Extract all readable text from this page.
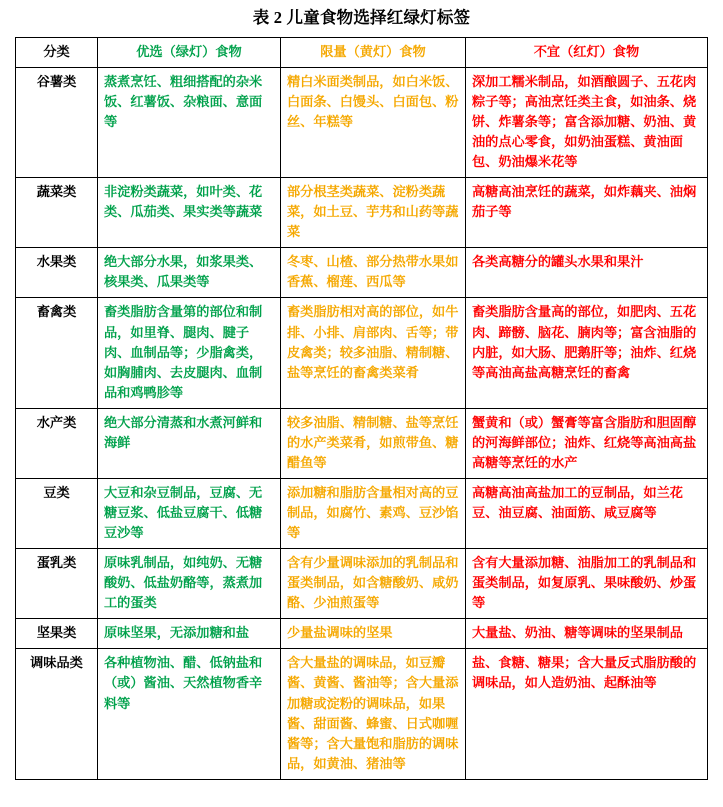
表 2 儿童食物选择红绿灯标签
分类	优选（绿灯）食物	限量（黄灯）食物	不宜（红灯）食物
谷薯类	蒸煮烹饪、粗细搭配的杂米饭、红薯饭、杂粮面、意面等	精白米面类制品，如白米饭、白面条、白馒头、白面包、粉丝、年糕等	深加工糯米制品，如酒酿圆子、五花肉粽子等；高油烹饪类主食，如油条、烧饼、炸薯条等；富含添加糖、奶油、黄油的点心零食，如奶油蛋糕、黄油面包、奶油爆米花等
蔬菜类	非淀粉类蔬菜，如叶类、花类、瓜茄类、果实类等蔬菜	部分根茎类蔬菜、淀粉类蔬菜，如土豆、芋艿和山药等蔬菜	高糖高油烹饪的蔬菜，如炸藕夹、油焖茄子等
水果类	绝大部分水果，如浆果类、核果类、瓜果类等	冬枣、山楂、部分热带水果如香蕉、榴莲、西瓜等	各类高糖分的罐头水果和果汁
畜禽类	畜类脂肪含量第的部位和制品，如里脊、腿肉、腱子肉、血制品等；少脂禽类，如胸脯肉、去皮腿肉、血制品和鸡鸭胗等	畜类脂肪相对高的部位，如牛排、小排、肩部肉、舌等；带皮禽类；较多油脂、精制糖、盐等烹饪的畜禽类菜肴	畜类脂肪含量高的部位，如肥肉、五花肉、蹄髈、脑花、腩肉等；富含油脂的内脏，如大肠、肥鹅肝等；油炸、红烧等高油高盐高糖烹饪的畜禽
水产类	绝大部分清蒸和水煮河鲜和海鲜	较多油脂、精制糖、盐等烹饪的水产类菜肴，如煎带鱼、糖醋鱼等	蟹黄和（或）蟹膏等富含脂肪和胆固醇的河海鲜部位；油炸、红烧等高油高盐高糖等烹饪的水产
豆类	大豆和杂豆制品，豆腐、无糖豆浆、低盐豆腐干、低糖豆沙等	添加糖和脂肪含量相对高的豆制品，如腐竹、素鸡、豆沙馅等	高糖高油高盐加工的豆制品，如兰花豆、油豆腐、油面筋、咸豆腐等
蛋乳类	原味乳制品，如纯奶、无糖酸奶、低盐奶酪等，蒸煮加工的蛋类	含有少量调味添加的乳制品和蛋类制品，如含糖酸奶、咸奶酪、少油煎蛋等	含有大量添加糖、油脂加工的乳制品和蛋类制品，如复原乳、果味酸奶、炒蛋等
坚果类	原味坚果，无添加糖和盐	少量盐调味的坚果	大量盐、奶油、糖等调味的坚果制品
调味品类	各种植物油、醋、低钠盐和（或）酱油、天然植物香辛料等	含大量盐的调味品，如豆瓣酱、黄酱、酱油等；含大量添加糖或淀粉的调味品，如果酱、甜面酱、蜂蜜、日式咖喱酱等；含大量饱和脂肪的调味品，如黄油、猪油等	盐、食糖、糖果；含大量反式脂肪酸的调味品，如人造奶油、起酥油等
